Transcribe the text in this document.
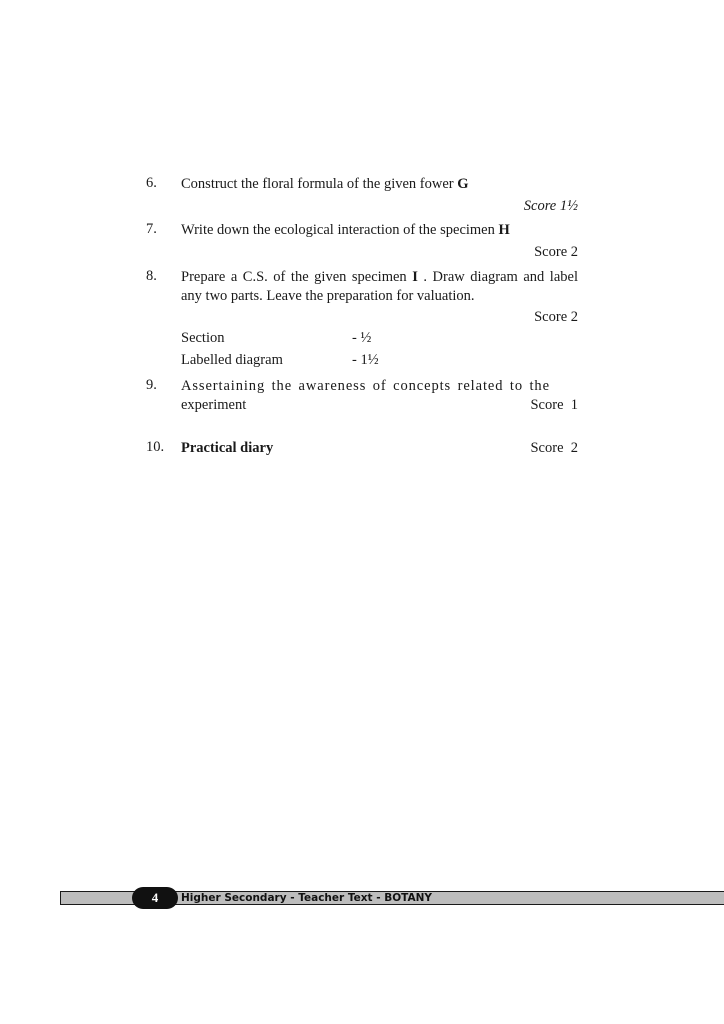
6. Construct the floral formula of the given fower G
Score 1½
7. Write down the ecological interaction of the specimen H
Score 2
8. Prepare a C.S. of the given specimen I . Draw diagram and label any two parts. Leave the preparation for valuation.
Score 2
Section	- ½
Labelled diagram	- 1½
9. Assertaining the awareness of concepts related to the
experiment	Score  1
10. Practical diary	Score  2
4	Higher Secondary - Teacher Text - BOTANY
